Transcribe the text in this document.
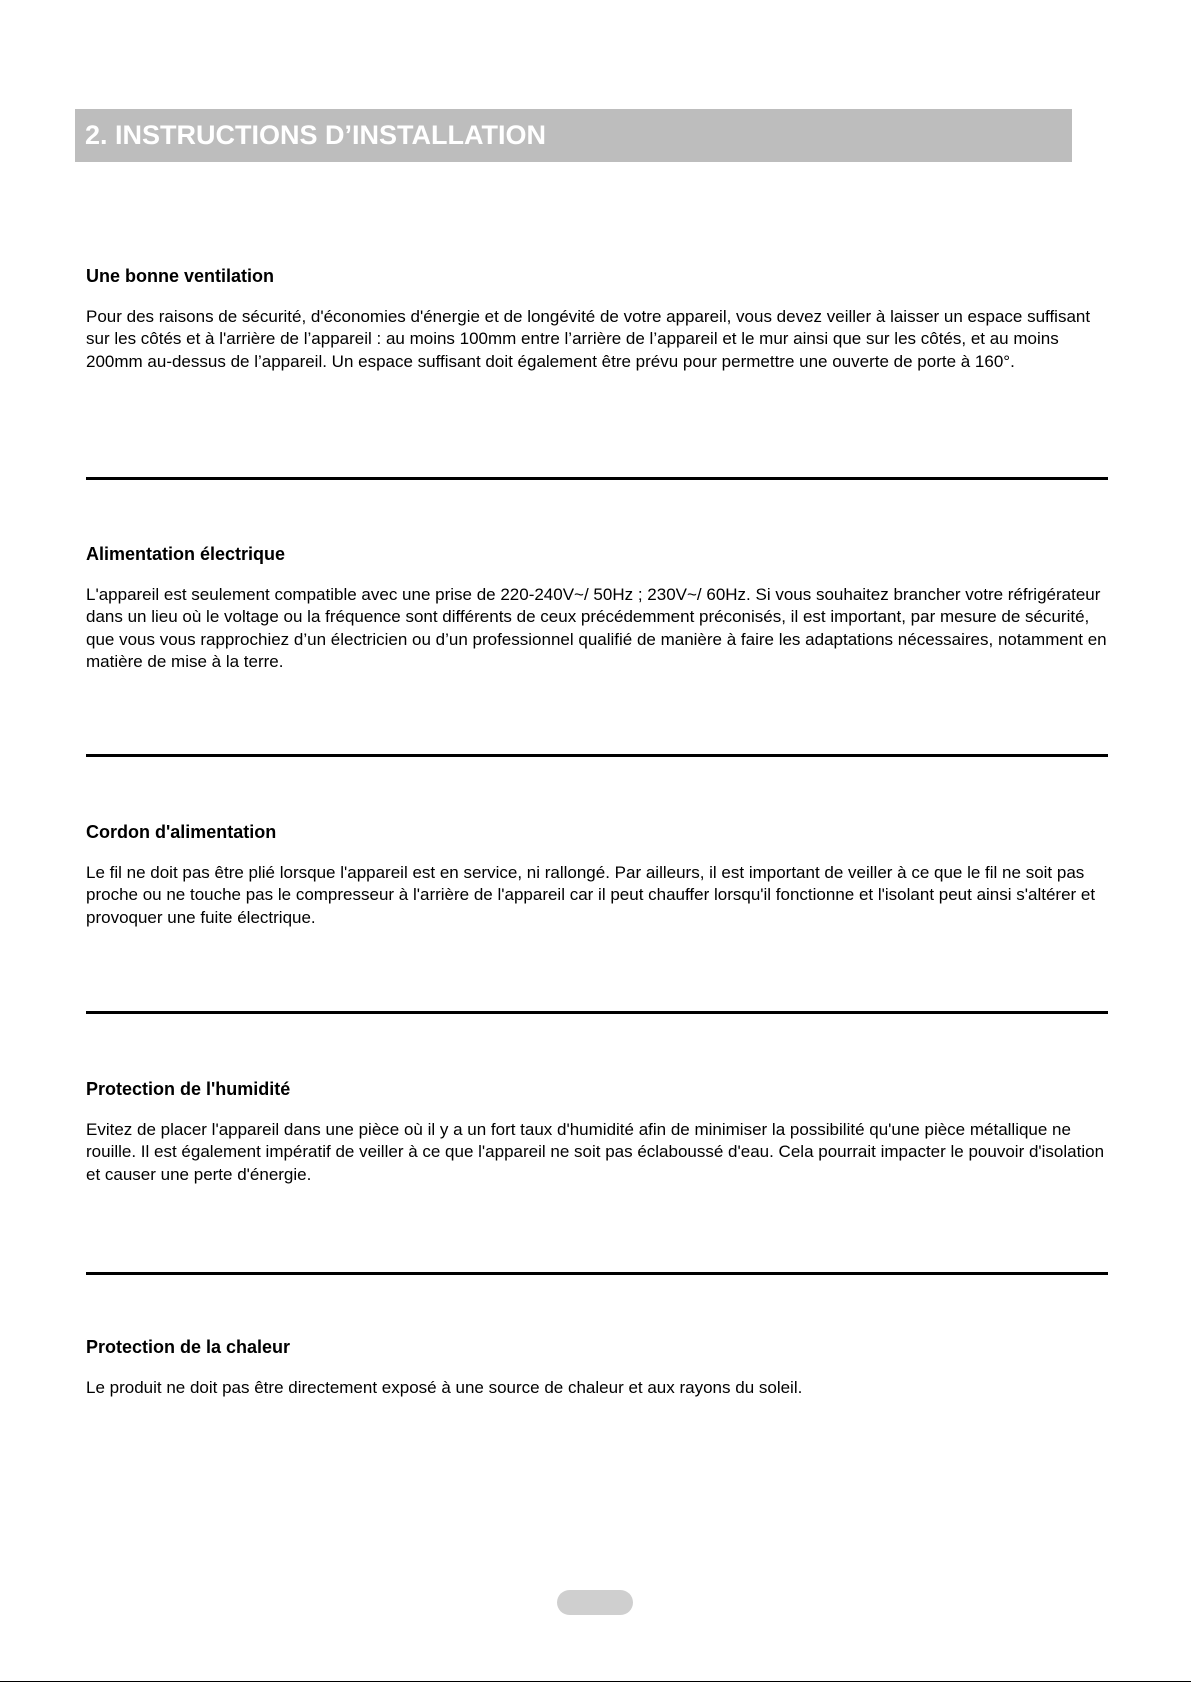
2. INSTRUCTIONS D’INSTALLATION
Une bonne ventilation

Pour des raisons de sécurité, d'économies d'énergie et de longévité de votre appareil, vous devez veiller à laisser un espace suffisant sur les côtés et à l'arrière de l’appareil : au moins 100mm entre l’arrière de l’appareil et le mur ainsi que sur les côtés, et au moins 200mm au-dessus de l’appareil. Un espace suffisant doit également être prévu pour permettre une ouverte de porte à 160°.

Alimentation électrique

L'appareil est seulement compatible avec une prise de 220-240V~/ 50Hz ; 230V~/ 60Hz. Si vous souhaitez brancher votre réfrigérateur dans un lieu où le voltage ou la fréquence sont différents de ceux précédemment préconisés, il est important, par mesure de sécurité, que vous vous rapprochiez d’un électricien ou d’un professionnel qualifié de manière à faire les adaptations nécessaires, notamment en matière de mise à la terre.

Cordon d'alimentation

Le fil ne doit pas être plié lorsque l'appareil est en service, ni rallongé. Par ailleurs, il est important de veiller à ce que le fil ne soit pas proche ou ne touche pas le compresseur à l'arrière de l'appareil car il peut chauffer lorsqu'il fonctionne et l'isolant peut ainsi s'altérer et provoquer une fuite électrique.

Protection de l'humidité

Evitez de placer l'appareil dans une pièce où il y a un fort taux d'humidité afin de minimiser la possibilité qu'une pièce métallique ne rouille. Il est également impératif de veiller à ce que l'appareil ne soit pas éclaboussé d'eau. Cela pourrait impacter le pouvoir d'isolation et causer une perte d'énergie.

Protection de la chaleur

Le produit ne doit pas être directement exposé à une source de chaleur et aux rayons du soleil.
